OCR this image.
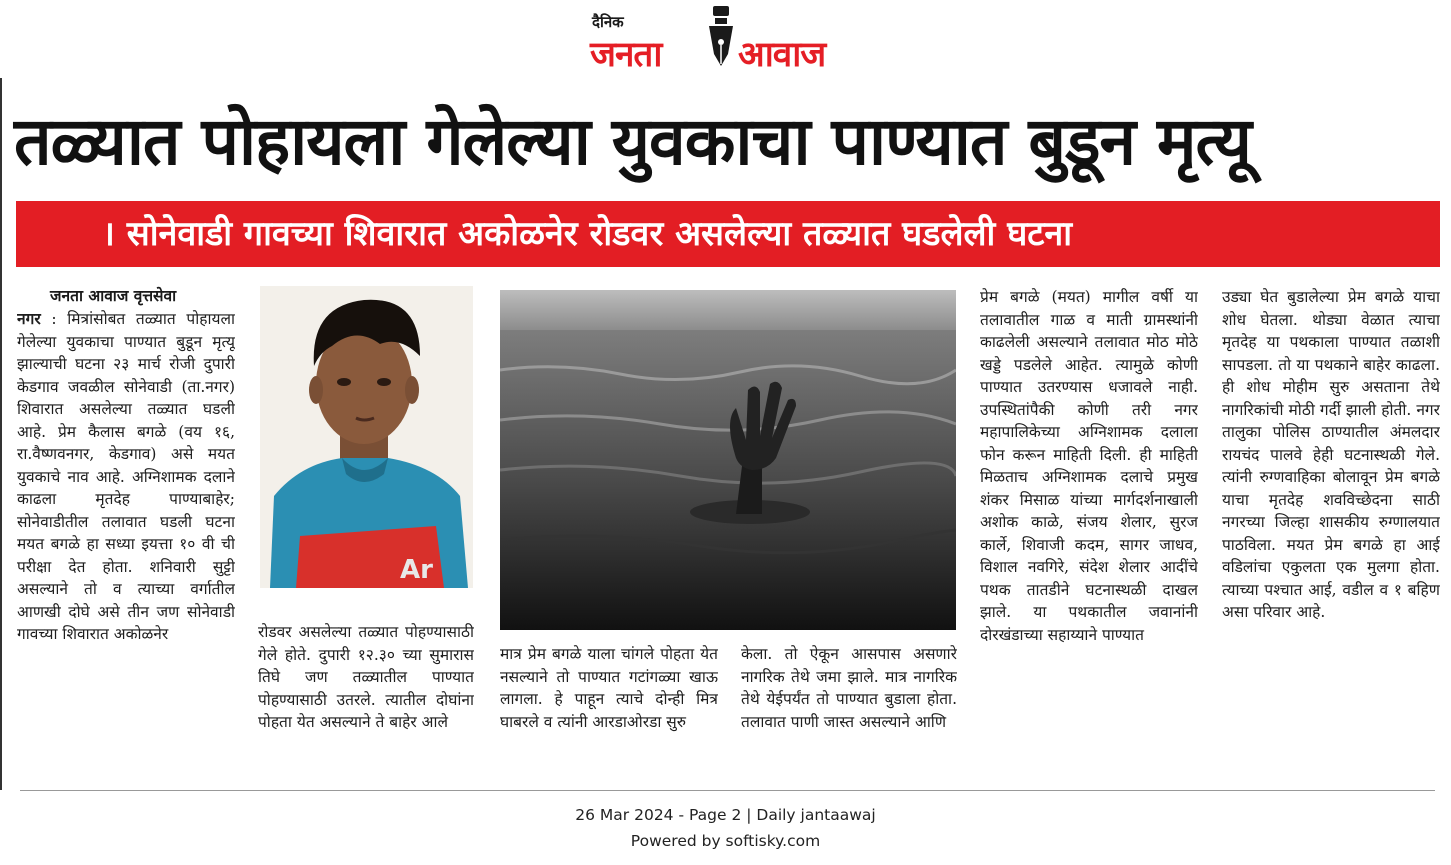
दैनिक
जनता आवाज
तळ्यात पोहायला गेलेल्या युवकाचा पाण्यात बुडून मृत्यू
। सोनेवाडी गावच्या शिवारात अकोळनेर रोडवर असलेल्या तळ्यात घडलेली घटना
जनता आवाज वृत्तसेवा
नगर : मित्रांसोबत तळ्यात पोहायला गेलेल्या युवकाचा पाण्यात बुडून मृत्यू झाल्याची घटना २३ मार्च रोजी दुपारी केडगाव जवळील सोनेवाडी (ता.नगर) शिवारात असलेल्या तळ्यात घडली आहे. प्रेम कैलास बगळे (वय १६, रा.वैष्णवनगर, केडगाव) असे मयत युवकाचे नाव आहे. अग्निशामक दलाने काढला मृतदेह पाण्याबाहेर; सोनेवाडीतील तलावात घडली घटना मयत बगळे हा सध्या इयत्ता १० वी ची परीक्षा देत होता. शनिवारी सुट्टी असल्याने तो व त्याच्या वर्गातील आणखी दोघे असे तीन जण सोनेवाडी गावच्या शिवारात अकोळनेर
Ar
रोडवर असलेल्या तळ्यात पोहण्यासाठी गेले होते. दुपारी १२.३० च्या सुमारास तिघे जण तळ्यातील पाण्यात पोहण्यासाठी उतरले. त्यातील दोघांना पोहता येत असल्याने ते बाहेर आले
मात्र प्रेम बगळे याला चांगले पोहता येत नसल्याने तो पाण्यात गटांगळ्या खाऊ लागला. हे पाहून त्याचे दोन्ही मित्र घाबरले व त्यांनी आरडाओरडा सुरु
केला. तो ऐकून आसपास असणारे नागरिक तेथे जमा झाले. मात्र नागरिक तेथे येईपर्यंत तो पाण्यात बुडाला होता. तलावात पाणी जास्त असल्याने आणि
प्रेम बगळे (मयत) मागील वर्षी या तलावातील गाळ व माती ग्रामस्थांनी काढलेली असल्याने तलावात मोठ मोठे खड्डे पडलेले आहेत. त्यामुळे कोणी पाण्यात उतरण्यास धजावले नाही. उपस्थितांपैकी कोणी तरी नगर महापालिकेच्या अग्निशामक दलाला फोन करून माहिती दिली. ही माहिती मिळताच अग्निशामक दलाचे प्रमुख शंकर मिसाळ यांच्या मार्गदर्शनाखाली अशोक काळे, संजय शेलार, सुरज कार्ले, शिवाजी कदम, सागर जाधव, विशाल नवगिरे, संदेश शेलार आदींचे पथक तातडीने घटनास्थळी दाखल झाले. या पथकातील जवानांनी दोरखंडाच्या सहाय्याने पाण्यात
उड्या घेत बुडालेल्या प्रेम बगळे याचा शोध घेतला. थोड्या वेळात त्याचा मृतदेह या पथकाला पाण्यात तळाशी सापडला. तो या पथकाने बाहेर काढला. ही शोध मोहीम सुरु असताना तेथे नागरिकांची मोठी गर्दी झाली होती. नगर तालुका पोलिस ठाण्यातील अंमलदार रायचंद पालवे हेही घटनास्थळी गेले. त्यांनी रुग्णवाहिका बोलावून प्रेम बगळे याचा मृतदेह शवविच्छेदना साठी नगरच्या जिल्हा शासकीय रुग्णालयात पाठविला. मयत प्रेम बगळे हा आई वडिलांचा एकुलता एक मुलगा होता. त्याच्या पश्चात आई, वडील व १ बहिण असा परिवार आहे.
26 Mar 2024 - Page 2 | Daily jantaawaj
Powered by softisky.com
